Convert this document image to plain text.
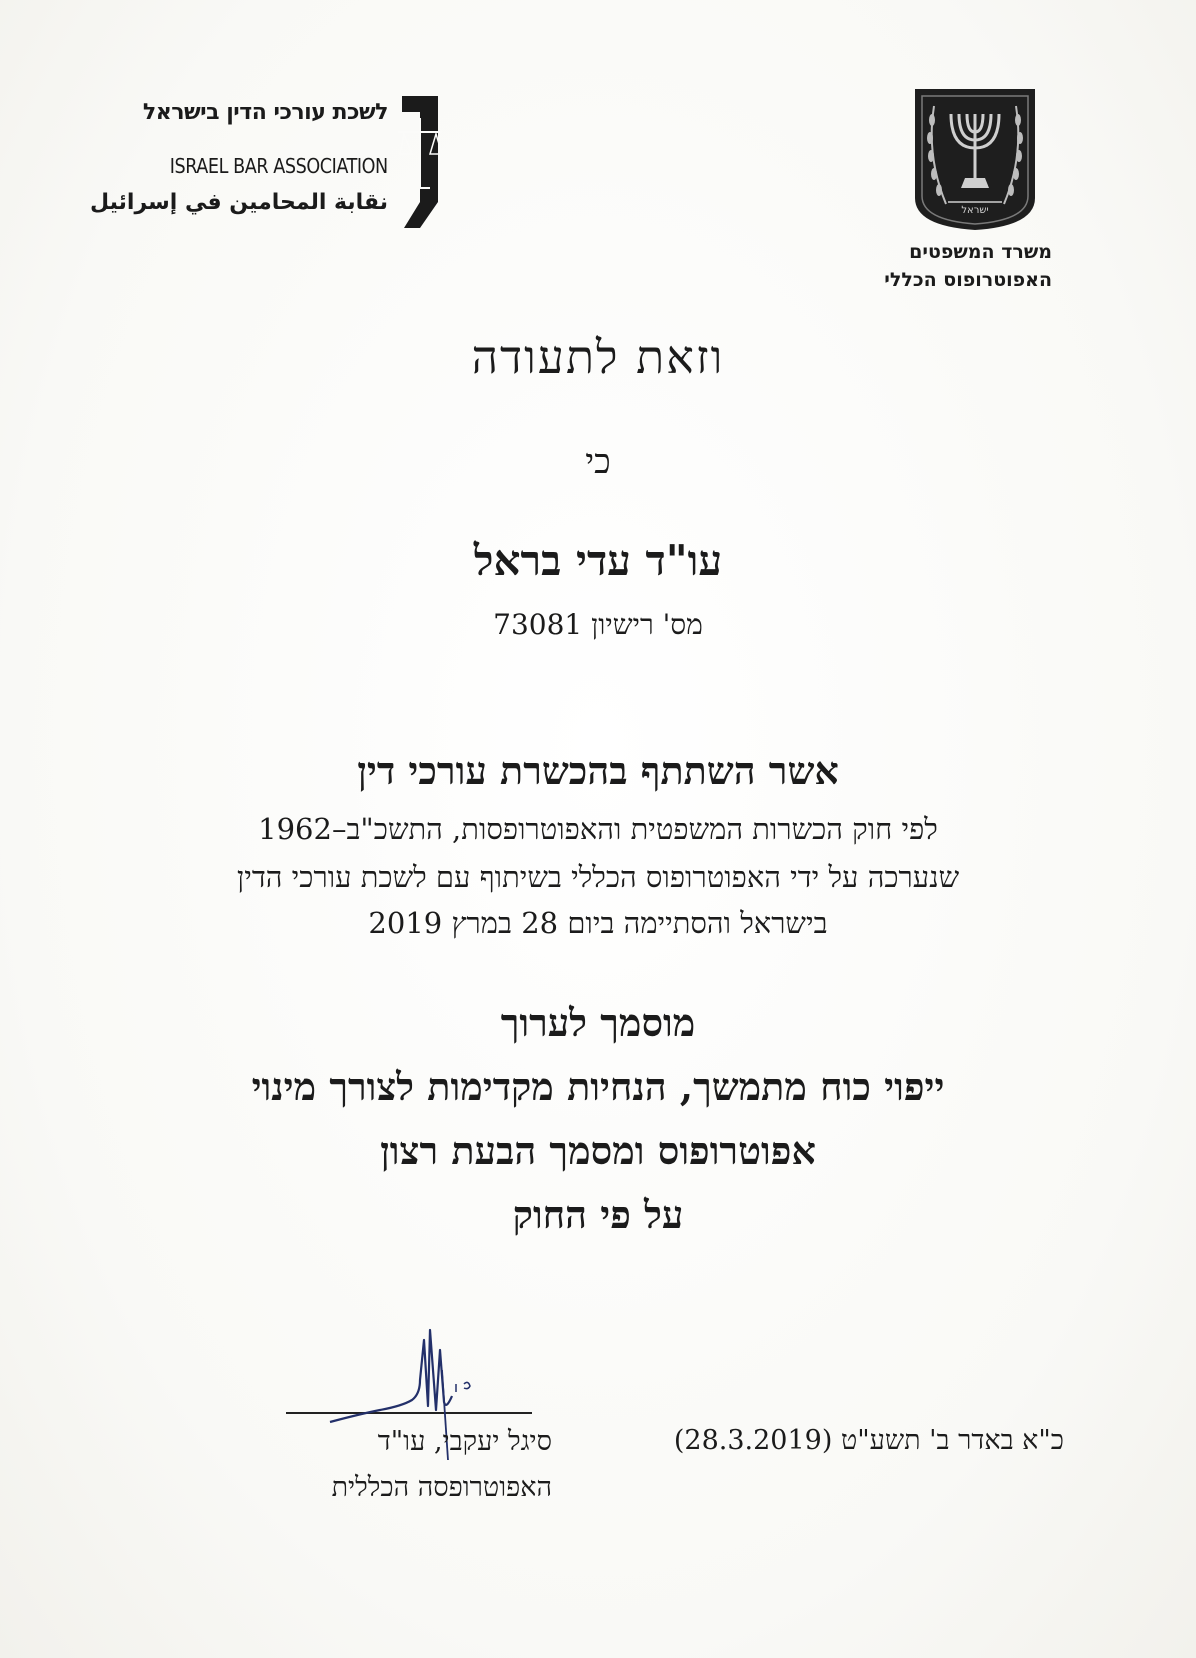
לשכת עורכי הדין בישראל
ISRAEL BAR ASSOCIATION
نقابة المحامين في إسرائيل	ישראל
משרד המשפטים
האפוטרופוס הכללי
וזאת לתעודה
כי
עו"ד עדי בראל
מס' רישיון 73081
אשר השתתף בהכשרת עורכי דין
לפי חוק הכשרות המשפטית והאפוטרופסות, התשכ"ב–1962
שנערכה על ידי האפוטרופוס הכללי בשיתוף עם לשכת עורכי הדין
בישראל והסתיימה ביום 28 במרץ 2019
מוסמך לערוך
ייפוי כוח מתמשך, הנחיות מקדימות לצורך מינוי
אפוטרופוס ומסמך הבעת רצון
על פי החוק
כ"א באדר ב' תשע"ט (28.3.2019)
סיגל יעקבי, עו"ד
האפוטרופסה הכללית
